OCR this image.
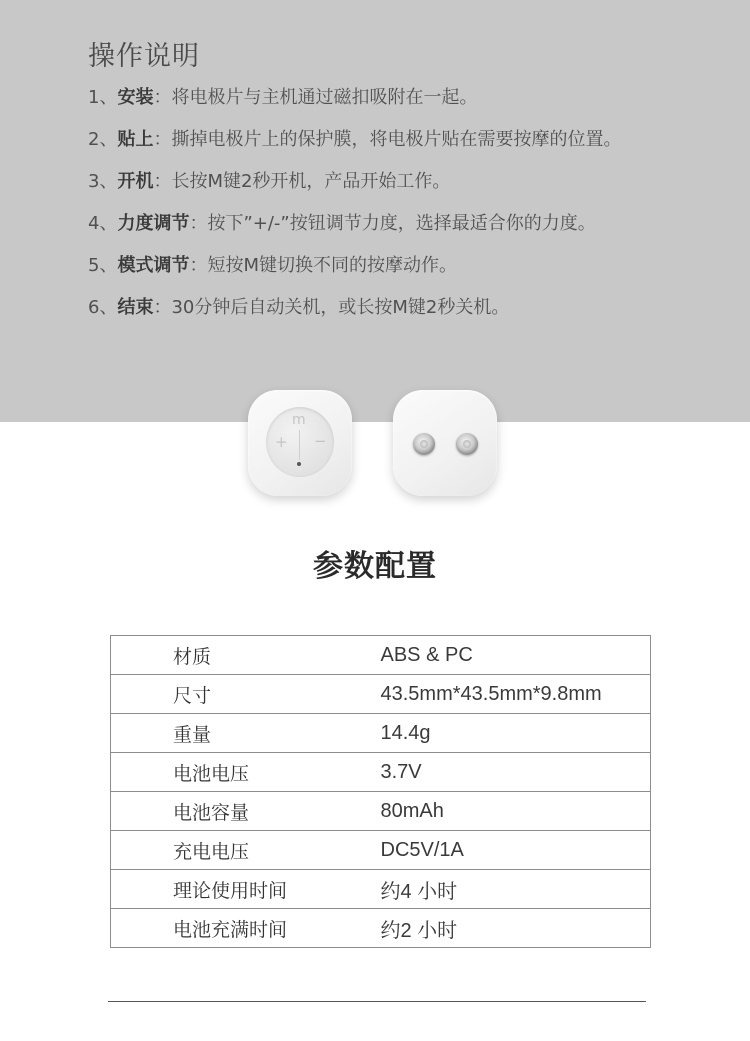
操作说明
1、安装：将电极片与主机通过磁扣吸附在一起。
2、贴上：撕掉电极片上的保护膜，将电极片贴在需要按摩的位置。
3、开机：长按M键2秒开机，产品开始工作。
4、力度调节：按下”+/-”按钮调节力度，选择最适合你的力度。
5、模式调节：短按M键切换不同的按摩动作。
6、结束：30分钟后自动关机，或长按M键2秒关机。
m
+ −
参数配置
材质	ABS & PC
尺寸	43.5mm*43.5mm*9.8mm
重量	14.4g
电池电压	3.7V
电池容量	80mAh
充电电压	DC5V/1A
理论使用时间	约4 小时
电池充满时间	约2 小时
